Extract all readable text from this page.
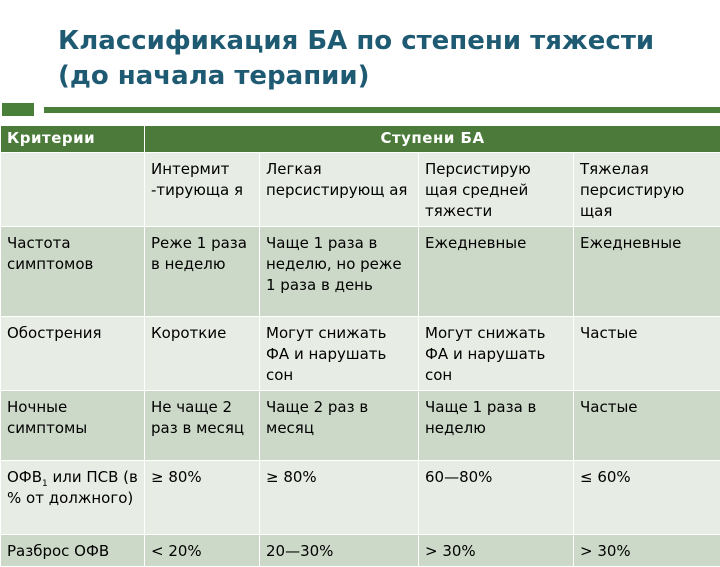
Классификация БА по степени тяжести (до начала терапии)
Критерии	Ступени БА			
	Интермит -тирующа я	Легкая персистирующ ая	Персистирую щая средней тяжести	Тяжелая персистирую щая
Частота симптомов	Реже 1 раза в неделю	Чаще 1 раза в неделю, но реже 1 раза в день	Ежедневные	Ежедневные
Обострения	Короткие	Могут снижать ФА и нарушать сон	Могут снижать ФА и нарушать сон	Частые
Ночные симптомы	Не чаще 2 раз в месяц	Чаще 2 раз в месяц	Чаще 1 раза в неделю	Частые
$ОФВ_1$ или ПСВ (в % от должного)	≥ 80%	≥ 80%	60—80%	≤ 60%
Разброс ОФВ	< 20%	20—30%	> 30%	> 30%
